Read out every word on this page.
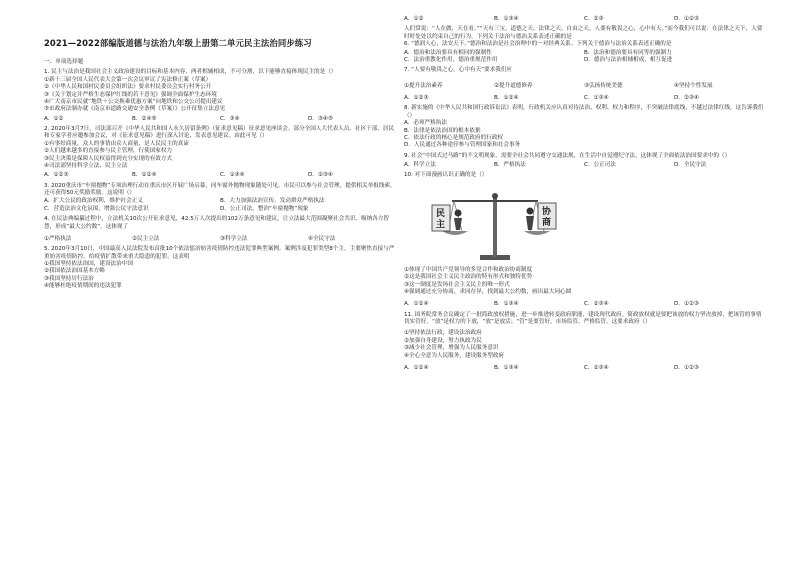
2021—2022部编版道德与法治九年级上册第二单元民主法治同步练习
一、单项选择题

1. 民主与法治是我国社会主义政治建设的目标和基本内容，两者相辅相成，不可分割，以下能够直接体现民主的是（）

①新十三届全国人民代表大会第一次会议审议了宪法修正案（草案）

②《中华人民和国村民委员会组织法》要求村民委员会实行村务公开

③《关于划定并严格生态保护红线的若干意见》强调全面保护生态环境

④广大南京市民就“地铁＋公交换乘优惠方案”向地铁和公交公司提出建议

⑤市政府法制办就《南京市道路交通安全条例（草案）》公开征集立法意见

A．①②	B．②④⑤	C．③④	D．③④⑤

2. 2020年3月7日，司法部召开《中华人民共和国人永久居留条例》（征求意见稿）征求意见座谈会。部分全国人大代表人员、社区干部、居民和专家学者应邀参加会议，对《征求意见稿》进行深入讨论，发表意见建议。由此可见（）

①有事好商量，众人的事情由众人商量，是人民民主的真谛

②人们越来越多的直接参与民主管理，行使国家权力

③民主决策是保障人民权益得到充分实现的有效方式

④司法部坚持科学立法、民主立法

A．①②③	B．①②④	C．①③④	D．②③④

3. 2020重庆市“车窗抛物”专项治理行动在重庆市区开展广场启幕，同车窗外抛物现象随处可见。市民可以参与社会管理，提供相关举报线索，还可获得50元奖励奖励。这说明（）

A．扩大公民的政治权利，维护社会正义	B．大力加强法治宣传，发动群众严格执法
C．营造法治文化氛围，增强公民守法意识	D．公正司法，整治“车窗抛物”现象

4. 在民法典编纂过程中，立法机关10次公开征求意见，42.5万人次提出的102万条意见和建议，让立法最大范围凝聚社会共识、吸纳各方智慧，形成“最大公约数”。这体现了

①严格执法	②民主立法	③科学立法	④全民守法

5. 2020年3月10日，中国最高人民法院发布首批10个依法惩治妨害疫情防控违法犯罪典型案例。案例涉及犯罪类型8个主，主要聚焦直接与严重妨害疫情防控，给疫情扩散带来重大隐患的犯罪。这表明

①我国坚持依法治国，建设法治中国

②我国依法治国基本方略

③我国坚持厉行法治

④能够杜绝疫情期间的违法犯罪

A．①②	B．①③④	C．②③	D．①②③

人们常说：“人在做，天在看。”“天有三宝，道德之天、法律之天、自由之天。人要有敬畏之心，心中有天。”而今我们可以说：在法律之天下，人要时时处处以约束自己的行为。下列关于法治与德治关系表述正确的是

6. “德润人心，法安天下。”德治和法治是社会治理中的一对经典关系。下列关于德治与法治关系表述正确的是

A．德治和法治要具有相同的强制性	B．法治和德治要具有同等的强制力
C．法治重教化作用，德治重规范作用	D．德治与法治相辅相成，相互促进

7. “人要有敬畏之心，心中有天”要求我们应

①提升法治素养	②提升道德修养	③弘扬传统美德	④坚持个性发展
A．①②③	B．①②④	C．①③④	D．②③④

8. 新实施的《中华人民共和国行政诉讼法》表明，行政机关应认真对待法治、权利、权力和程序，不突破法律底线，不越过法律红线。这告诉我们（）

A．必须严格执法

B．法律是依法治国的根本依据

C．依法行政的核心是规范政府的行政权

D．人民通过各种途径参与管理国家和社会事务

9. 社会“中国式过马路”的不文明现象，需要全社会共同遵守交通法规，在生活中自觉遵纪守法。这体现了全面依法治国要求中的（）

A．科学立法	B．严格执法	C．公正司法	D．全民守法

10. 对下面漫画认识正确的是（）

民
主
协
商

①体现了中国共产党领导的多党合作和政治协商制度

②这是我国社会主义民主政治的特有形式和独特优势

③这一制度是发扬社会主义民主的唯一形式

④强调通过充分协商，求同存异，找到最大公约数，画出最大同心圆

A．①②④	B．①③④	C．②③④	D．①②③

11. 国务院常务会议确定了一批简政放权措施，进一步推进转变政府职能，建设现代政府。简政放权就是要把该放的权力坚决放掉，把该管的事情切实管好。“放”是权力的下放，“放”是放活；“管”是要管好，市场监管、严格监管。这要求政府（）

①坚持依法行政，建设法治政府

②加强自身建设，努力执政为民

③减少社会管理，增强为人民服务意识

④全心全意为人民服务，建设服务型政府

A．①②④	B．①③④	C．②③④	D．①②③
